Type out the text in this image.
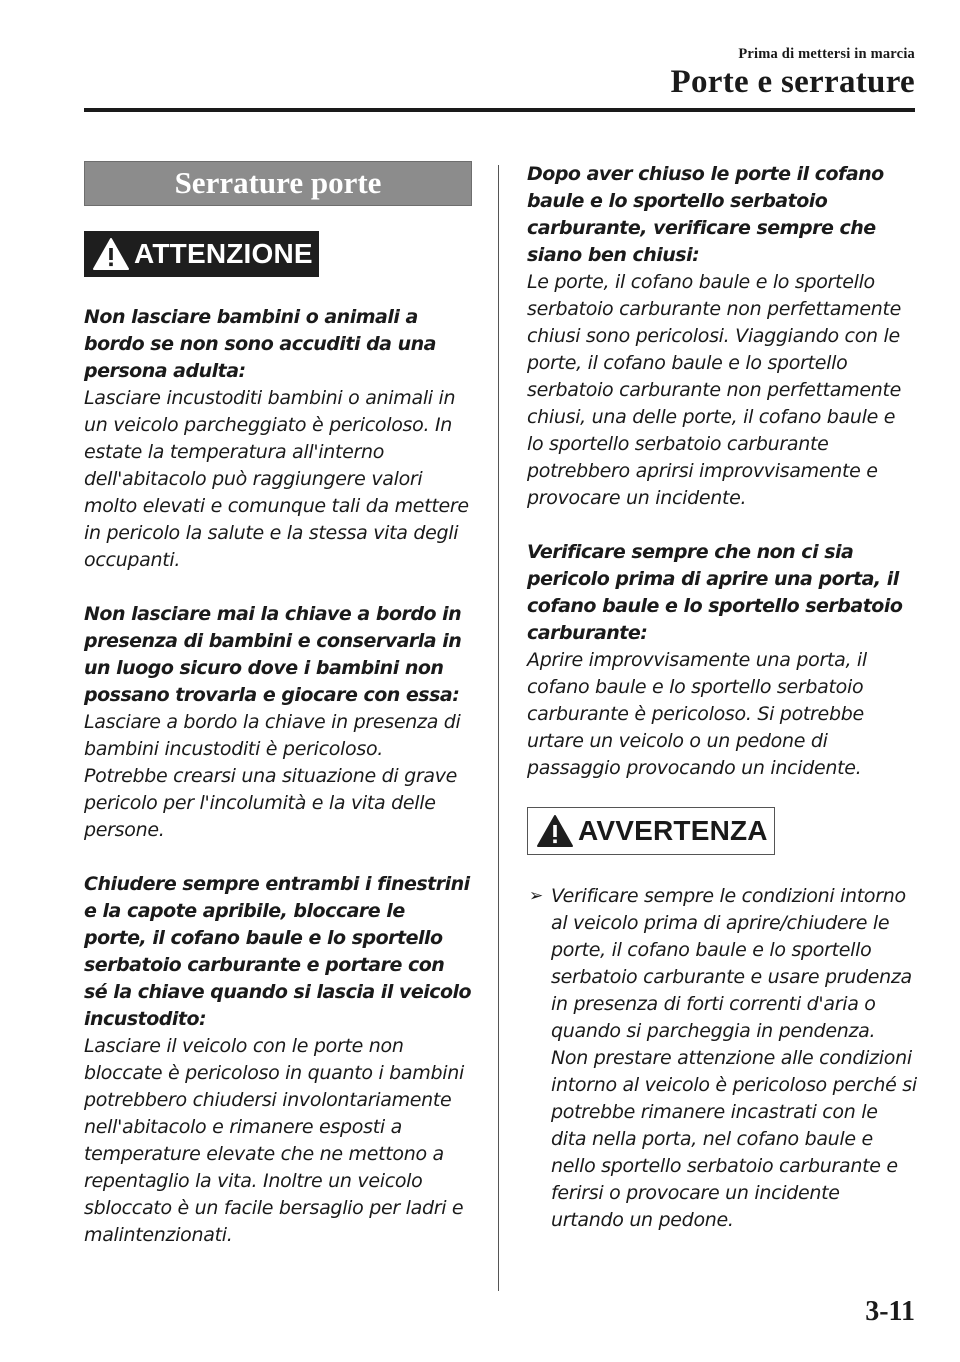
Prima di mettersi in marcia
Porte e serrature
Serrature porte
ATTENZIONE
Non lasciare bambini o animali a bordo se non sono accuditi da una persona adulta:
Lasciare incustoditi bambini o animali in un veicolo parcheggiato è pericoloso. In estate la temperatura all'interno dell'abitacolo può raggiungere valori molto elevati e comunque tali da mettere in pericolo la salute e la stessa vita degli occupanti.
Non lasciare mai la chiave a bordo in presenza di bambini e conservarla in un luogo sicuro dove i bambini non possano trovarla e giocare con essa:
Lasciare a bordo la chiave in presenza di bambini incustoditi è pericoloso. Potrebbe crearsi una situazione di grave pericolo per l'incolumità e la vita delle persone.
Chiudere sempre entrambi i finestrini e la capote apribile, bloccare le porte, il cofano baule e lo sportello serbatoio carburante e portare con sé la chiave quando si lascia il veicolo incustodito:
Lasciare il veicolo con le porte non bloccate è pericoloso in quanto i bambini potrebbero chiudersi involontariamente nell'abitacolo e rimanere esposti a temperature elevate che ne mettono a repentaglio la vita. Inoltre un veicolo sbloccato è un facile bersaglio per ladri e malintenzionati.
Dopo aver chiuso le porte il cofano baule e lo sportello serbatoio carburante, verificare sempre che siano ben chiusi:
Le porte, il cofano baule e lo sportello serbatoio carburante non perfettamente chiusi sono pericolosi. Viaggiando con le porte, il cofano baule e lo sportello serbatoio carburante non perfettamente chiusi, una delle porte, il cofano baule e lo sportello serbatoio carburante potrebbero aprirsi improvvisamente e provocare un incidente.
Verificare sempre che non ci sia pericolo prima di aprire una porta, il cofano baule e lo sportello serbatoio carburante:
Aprire improvvisamente una porta, il cofano baule e lo sportello serbatoio carburante è pericoloso. Si potrebbe urtare un veicolo o un pedone di passaggio provocando un incidente.
AVVERTENZA
➢ Verificare sempre le condizioni intorno al veicolo prima di aprire/chiudere le porte, il cofano baule e lo sportello serbatoio carburante e usare prudenza in presenza di forti correnti d'aria o quando si parcheggia in pendenza. Non prestare attenzione alle condizioni intorno al veicolo è pericoloso perché si potrebbe rimanere incastrati con le dita nella porta, nel cofano baule e nello sportello serbatoio carburante e ferirsi o provocare un incidente urtando un pedone.
3-11
